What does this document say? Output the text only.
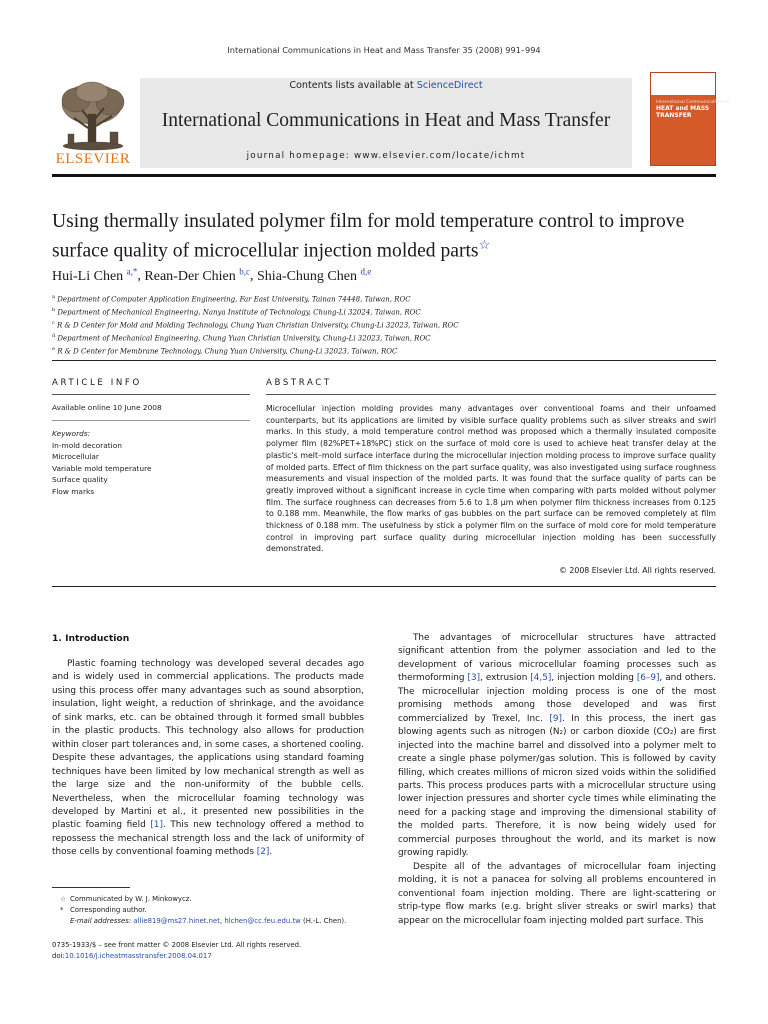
International Communications in Heat and Mass Transfer 35 (2008) 991–994
ELSEVIER
Contents lists available at ScienceDirect
International Communications in Heat and Mass Transfer
journal homepage: www.elsevier.com/locate/ichmt
International Communications in
HEAT and MASS TRANSFER
Using thermally insulated polymer film for mold temperature control to improve surface quality of microcellular injection molded parts☆
Hui-Li Chen $^{a,*}$, Rean-Der Chien $^{b,c}$, Shia-Chung Chen $^{d,e}$
$^a$ Department of Computer Application Engineering, Far East University, Tainan 74448, Taiwan, ROC
$^b$ Department of Mechanical Engineering, Nanya Institute of Technology, Chung-Li 32024, Taiwan, ROC
$^c$ R & D Center for Mold and Molding Technology, Chung Yuan Christian University, Chung-Li 32023, Taiwan, ROC
$^d$ Department of Mechanical Engineering, Chung Yuan Christian University, Chung-Li 32023, Taiwan, ROC
$^e$ R & D Center for Membrane Technology, Chung Yuan University, Chung-Li 32023, Taiwan, ROC
ARTICLE INFO	ABSTRACT
Available online 10 June 2008
Keywords:
In-mold decoration
Microcellular
Variable mold temperature
Surface quality
Flow marks
Microcellular injection molding provides many advantages over conventional foams and their unfoamed counterparts, but its applications are limited by visible surface quality problems such as silver streaks and swirl marks. In this study, a mold temperature control method was proposed which a thermally insulated composite polymer film (82%PET+18%PC) stick on the surface of mold core is used to achieve heat transfer delay at the plastic's melt–mold surface interface during the microcellular injection molding process to improve surface quality of molded parts. Effect of film thickness on the part surface quality, was also investigated using surface roughness measurements and visual inspection of the molded parts. It was found that the surface quality of parts can be greatly improved without a significant increase in cycle time when comparing with parts molded without polymer film. The surface roughness can decreases from 5.6 to 1.8 μm when polymer film thickness increases from 0.125 to 0.188 mm. Meanwhile, the flow marks of gas bubbles on the part surface can be removed completely at film thickness of 0.188 mm. The usefulness by stick a polymer film on the surface of mold core for mold temperature control in improving part surface quality during microcellular injection molding has been successfully demonstrated.
© 2008 Elsevier Ltd. All rights reserved.
1. Introduction

Plastic foaming technology was developed several decades ago and is widely used in commercial applications. The products made using this process offer many advantages such as sound absorption, insulation, light weight, a reduction of shrinkage, and the avoidance of sink marks, etc. can be obtained through it formed small bubbles in the plastic products. This technology also allows for production within closer part tolerances and, in some cases, a shortened cooling. Despite these advantages, the applications using standard foaming techniques have been limited by low mechanical strength as well as the large size and the non-uniformity of the bubble cells. Nevertheless, when the microcellular foaming technology was developed by Martini et al., it presented new possibilities in the plastic foaming field [1]. This new technology offered a method to repossess the mechanical strength loss and the lack of uniformity of those cells by conventional foaming methods [2].

The advantages of microcellular structures have attracted significant attention from the polymer association and led to the development of various microcellular foaming processes such as thermoforming [3], extrusion [4,5], injection molding [6–9], and others. The microcellular injection molding process is one of the most promising methods among those developed and was first commercialized by Trexel, Inc. [9]. In this process, the inert gas blowing agents such as nitrogen (N₂) or carbon dioxide (CO₂) are first injected into the machine barrel and dissolved into a polymer melt to create a single phase polymer/gas solution. This is followed by cavity filling, which creates millions of micron sized voids within the solidified parts. This process produces parts with a microcellular structure using lower injection pressures and shorter cycle times while eliminating the need for a packing stage and improving the dimensional stability of the molded parts. Therefore, it is now being widely used for commercial purposes throughout the world, and its market is now growing rapidly.

Despite all of the advantages of microcellular foam injecting molding, it is not a panacea for solving all problems encountered in conventional foam injection molding. There are light-scattering or strip-type flow marks (e.g. bright sliver streaks or swirl marks) that appear on the microcellular foam injecting molded part surface. This

☆ Communicated by W. J. Minkowycz.
* Corresponding author.
E-mail addresses: allie819@ms27.hinet.net, hlchen@cc.feu.edu.tw (H.-L. Chen).
0735-1933/$ – see front matter © 2008 Elsevier Ltd. All rights reserved.
doi:10.1016/j.icheatmasstransfer.2008.04.017
